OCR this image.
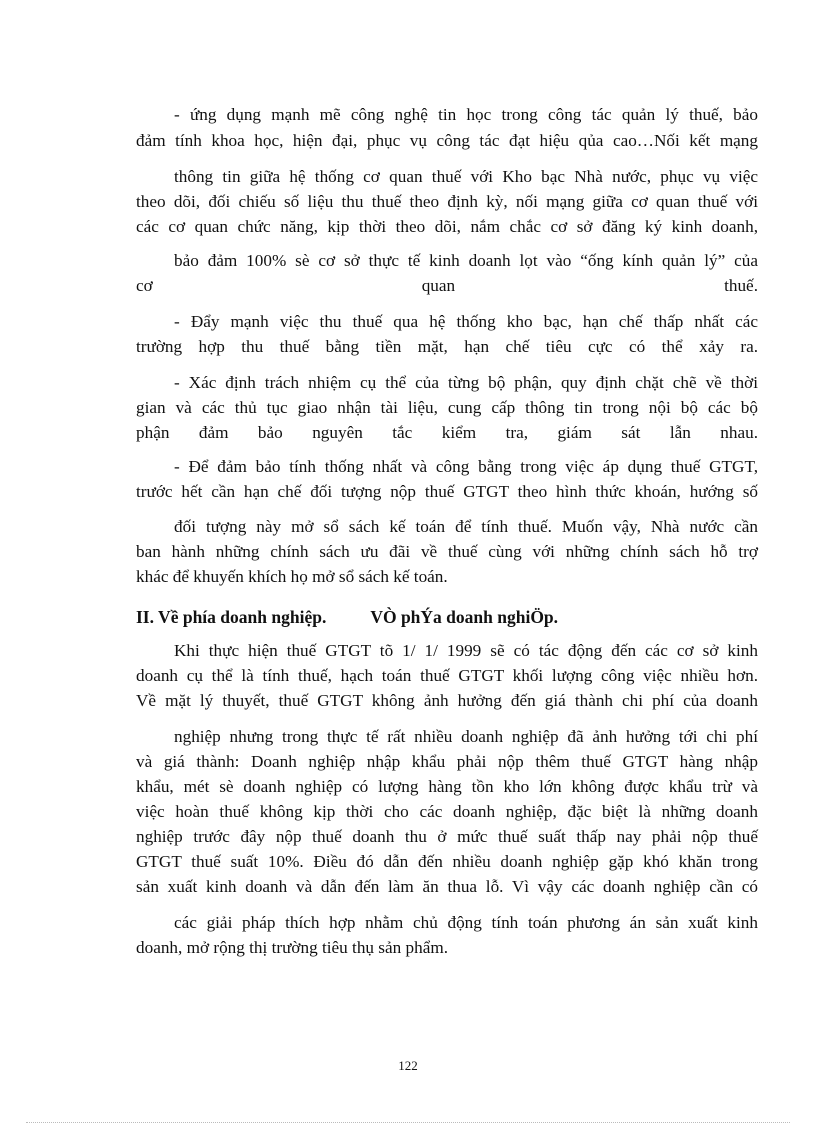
- ứng dụng mạnh mẽ công nghệ tin học trong công tác quản lý thuế, bảo
đảm tính khoa học, hiện đại, phục vụ công tác đạt hiệu qủa cao…Nối kết mạng
thông tin giữa hệ thống cơ quan thuế với Kho bạc Nhà nước, phục vụ việc
theo dõi, đối chiếu số liệu thu thuế theo định kỳ, nối mạng giữa cơ quan thuế với
các cơ quan chức năng, kịp thời theo dõi, nắm chắc cơ sở đăng ký kinh doanh,
bảo đảm 100% sè cơ sở thực tế kinh doanh lọt vào “ống kính quản lý” của
cơ quan thuế.
- Đẩy mạnh việc thu thuế qua hệ thống kho bạc, hạn chế thấp nhất các
trường hợp thu thuế bằng tiền mặt, hạn chế tiêu cực có thể xảy ra.
- Xác định trách nhiệm cụ thể của từng bộ phận, quy định chặt chẽ về thời
gian và các thủ tục giao nhận tài liệu, cung cấp thông tin trong nội bộ các bộ
phận đảm bảo nguyên tắc kiểm tra, giám sát lẫn nhau.
- Để đảm bảo tính thống nhất và công bằng trong việc áp dụng thuế GTGT,
trước hết cần hạn chế đối tượng nộp thuế GTGT theo hình thức khoán, hướng số
đối tượng này mở sổ sách kế toán để tính thuế. Muốn vậy, Nhà nước cần
ban hành những chính sách ưu đãi về thuế cùng với những chính sách hỗ trợ
khác để khuyến khích họ mở sổ sách kế toán.
Khi thực hiện thuế GTGT tõ 1/ 1/ 1999 sẽ có tác động đến các cơ sở kinh
doanh cụ thể là tính thuế, hạch toán thuế GTGT khối lượng công việc nhiều hơn.
Về mặt lý thuyết, thuế GTGT không ảnh hưởng đến giá thành chi phí của doanh
nghiệp nhưng trong thực tế rất nhiều doanh nghiệp đã ảnh hưởng tới chi phí
và giá thành: Doanh nghiệp nhập khẩu phải nộp thêm thuế GTGT hàng nhập
khẩu, mét sè doanh nghiệp có lượng hàng tồn kho lớn không được khẩu trừ và
việc hoàn thuế không kịp thời cho các doanh nghiệp, đặc biệt là những doanh
nghiệp trước đây nộp thuế doanh thu ở mức thuế suất thấp nay phải nộp thuế
GTGT thuế suất 10%. Điều đó dẫn đến nhiều doanh nghiệp gặp khó khăn trong
sản xuất kinh doanh và dẫn đến làm ăn thua lỗ. Vì vậy các doanh nghiệp cần có
các giải pháp thích hợp nhằm chủ động tính toán phương án sản xuất kinh
doanh, mở rộng thị trường tiêu thụ sản phẩm.
II. Về phía doanh nghiệp.	VÒ phÝa doanh nghiÖp.
122
